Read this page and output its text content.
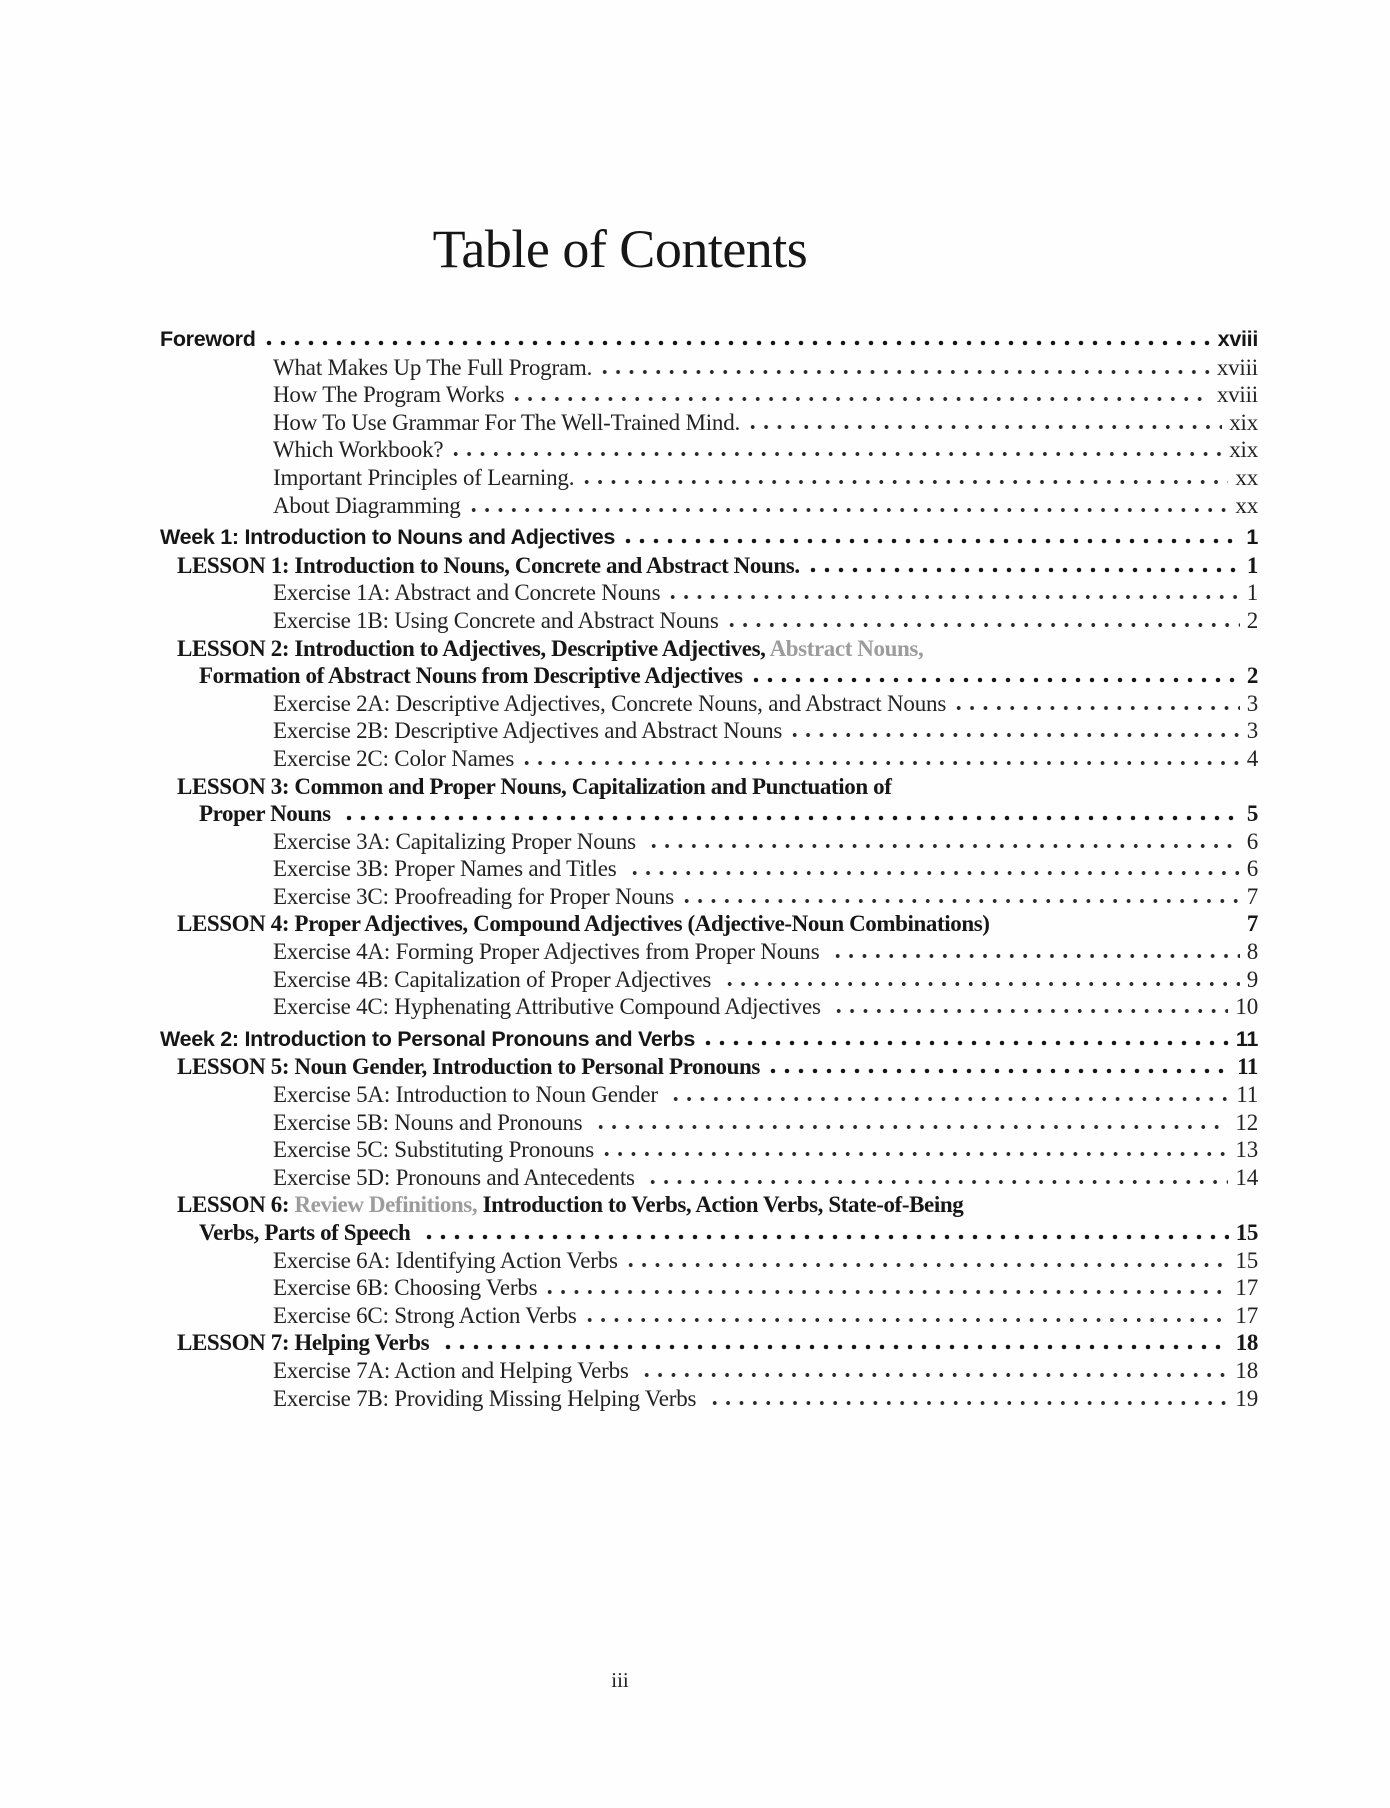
Table of Contents
Foreword	xviii
What Makes Up The Full Program.	xviii
How The Program Works	xviii
How To Use Grammar For The Well-Trained Mind.	xix
Which Workbook?	xix
Important Principles of Learning.	xx
About Diagramming	xx
Week 1: Introduction to Nouns and Adjectives	1
LESSON 1: Introduction to Nouns, Concrete and Abstract Nouns.	1
Exercise 1A: Abstract and Concrete Nouns	1
Exercise 1B: Using Concrete and Abstract Nouns	2
LESSON 2: Introduction to Adjectives, Descriptive Adjectives, Abstract Nouns,
Formation of Abstract Nouns from Descriptive Adjectives	2
Exercise 2A: Descriptive Adjectives, Concrete Nouns, and Abstract Nouns	3
Exercise 2B: Descriptive Adjectives and Abstract Nouns	3
Exercise 2C: Color Names	4
LESSON 3: Common and Proper Nouns, Capitalization and Punctuation of
Proper Nouns	5
Exercise 3A: Capitalizing Proper Nouns	6
Exercise 3B: Proper Names and Titles	6
Exercise 3C: Proofreading for Proper Nouns	7
LESSON 4: Proper Adjectives, Compound Adjectives (Adjective-Noun Combinations)	7
Exercise 4A: Forming Proper Adjectives from Proper Nouns	8
Exercise 4B: Capitalization of Proper Adjectives	9
Exercise 4C: Hyphenating Attributive Compound Adjectives	10
Week 2: Introduction to Personal Pronouns and Verbs	11
LESSON 5: Noun Gender, Introduction to Personal Pronouns	11
Exercise 5A: Introduction to Noun Gender	11
Exercise 5B: Nouns and Pronouns	12
Exercise 5C: Substituting Pronouns	13
Exercise 5D: Pronouns and Antecedents	14
LESSON 6: Review Definitions, Introduction to Verbs, Action Verbs, State-of-Being
Verbs, Parts of Speech	15
Exercise 6A: Identifying Action Verbs	15
Exercise 6B: Choosing Verbs	17
Exercise 6C: Strong Action Verbs	17
LESSON 7: Helping Verbs	18
Exercise 7A: Action and Helping Verbs	18
Exercise 7B: Providing Missing Helping Verbs	19
iii
